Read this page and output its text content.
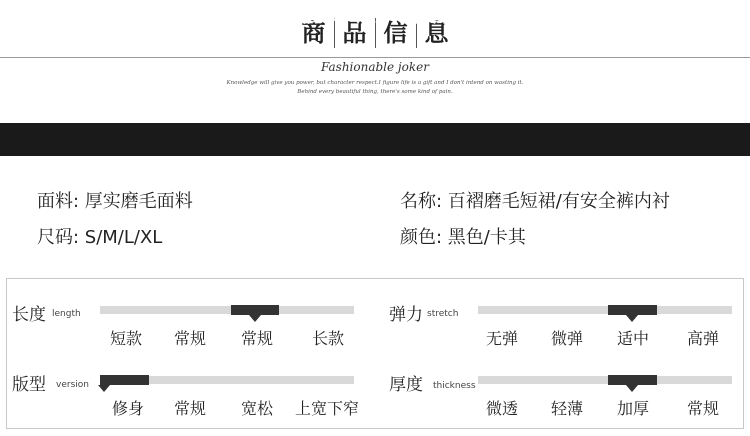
商 品 信 息
Fashionable joker
Knowledge will give you power, but character respect.I figure life is a gift and I don't intend on wasting it.
Behind every beautiful thing, there's some kind of pain.
{产品信息—选择适合自己的}
面料: 厚实磨毛面料	名称: 百褶磨毛短裙/有安全裤内衬
尺码: S/M/L/XL	颜色: 黑色/卡其
长度 length
短款 常规 常规 长款
弹力 stretch
无弹 微弹 适中 高弹
版型 version
修身 常规 宽松 上宽下窄
厚度 thickness
微透 轻薄 加厚 常规
